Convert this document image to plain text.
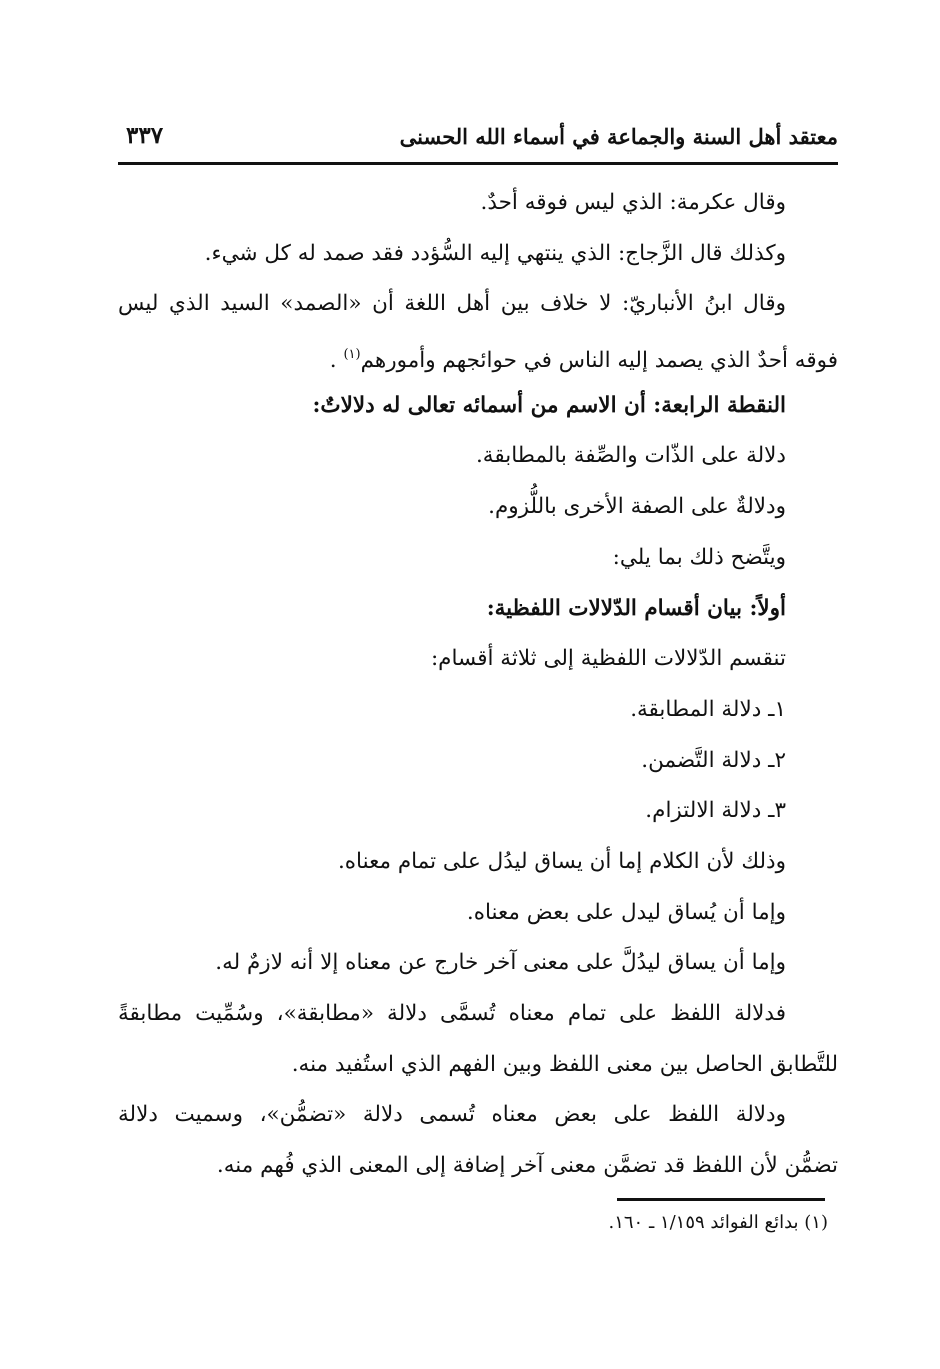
معتقد أهل السنة والجماعة في أسماء الله الحسنى
٣٣٧
وقال عكرمة: الذي ليس فوقه أحدٌ.
وكذلك قال الزَّجاج: الذي ينتهي إليه السُّؤدد فقد صمد له كل شيء.
وقال ابنُ الأنباريّ: لا خلاف بين أهل اللغة أن «الصمد» السيد الذي ليس
فوقه أحدٌ الذي يصمد إليه الناس في حوائجهم وأمورهم$^{(١)}$ .
النقطة الرابعة: أن الاسم من أسمائه تعالى له دلالاتٌ:
دلالة على الذّات والصِّفة بالمطابقة.
ودلالةٌ على الصفة الأخرى باللُّزوم.
ويتَّضح ذلك بما يلي:
أولاً: بيان أقسام الدّلالات اللفظية:
تنقسم الدّلالات اللفظية إلى ثلاثة أقسام:
١ـ دلالة المطابقة.
٢ـ دلالة التَّضمن.
٣ـ دلالة الالتزام.
وذلك لأن الكلام إما أن يساق ليدُل على تمام معناه.
وإما أن يُساق ليدل على بعض معناه.
وإما أن يساق ليدُلَّ على معنى آخر خارج عن معناه إلا أنه لازمٌ له.
فدلالة اللفظ على تمام معناه تُسمَّى دلالة «مطابقة»، وسُمِّيت مطابقةً
للتَّطابق الحاصل بين معنى اللفظ وبين الفهم الذي استُفيد منه.
ودلالة اللفظ على بعض معناه تُسمى دلالة «تضمُّن»، وسميت دلالة
تضمُّن لأن اللفظ قد تضمَّن معنى آخر إضافة إلى المعنى الذي فُهم منه.
(١) بدائع الفوائد ١/١٥٩ ـ ١٦٠.
